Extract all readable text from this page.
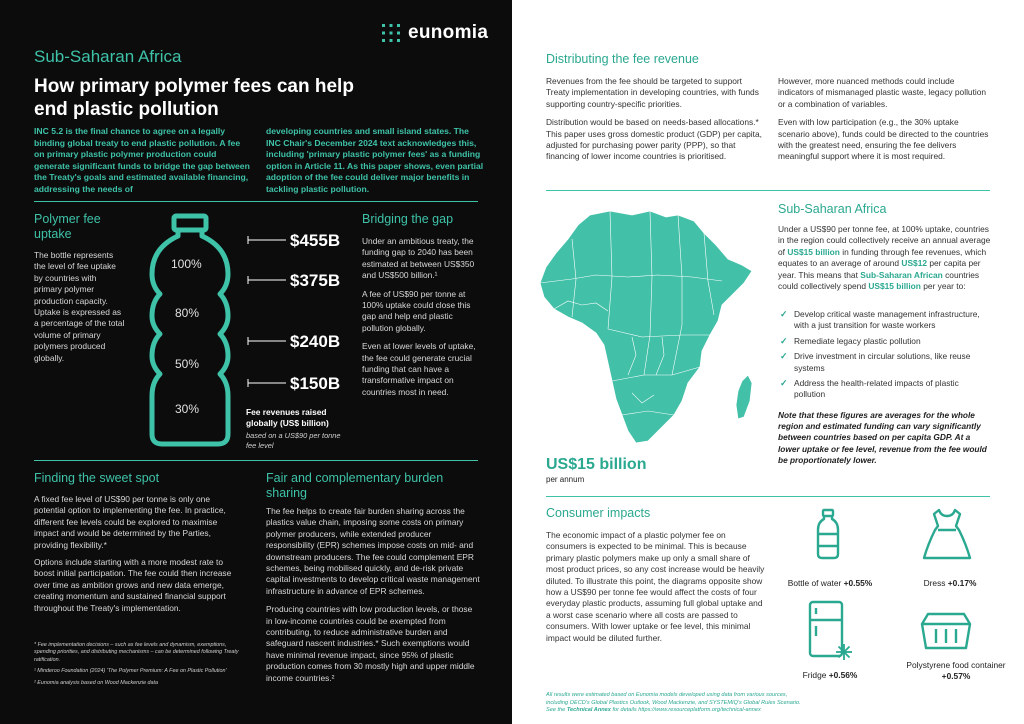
eunomia
Sub-Saharan Africa
How primary polymer fees can help end plastic pollution
INC 5.2 is the final chance to agree on a legally binding global treaty to end plastic pollution. A fee on primary plastic polymer production could generate significant funds to bridge the gap between the Treaty's goals and estimated available financing, addressing the needs of
developing countries and small island states. The INC Chair's December 2024 text acknowledges this, including 'primary plastic polymer fees' as a funding option in Article 11. As this paper shows, even partial adoption of the fee could deliver major benefits in tackling plastic pollution.
Polymer fee uptake
The bottle represents the level of fee uptake by countries with primary polymer production capacity. Uptake is expressed as a percentage of the total volume of primary polymers produced globally.
100%
80%
50%
30%
$455B
$375B
$240B
$150B
Fee revenues raised globally (US$ billion)
based on a US$90 per tonne fee level
Bridging the gap

Under an ambitious treaty, the funding gap to 2040 has been estimated at between US$350 and US$500 billion.¹

A fee of US$90 per tonne at 100% uptake could close this gap and help end plastic pollution globally.

Even at lower levels of uptake, the fee could generate crucial funding that can have a transformative impact on countries most in need.

Finding the sweet spot

A fixed fee level of US$90 per tonne is only one potential option to implementing the fee. In practice, different fee levels could be explored to maximise impact and would be determined by the Parties, providing flexibility.*

Options include starting with a more modest rate to boost initial participation. The fee could then increase over time as ambition grows and new data emerge, creating momentum and sustained financial support throughout the Treaty's implementation.

* Fee implementation decisions – such as fee levels and dynamism, exemptions, spending priorities, and distributing mechanisms – can be determined following Treaty ratification.

¹ Minderoo Foundation (2024) 'The Polymer Premium: A Fee on Plastic Pollution'

² Eunomia analysis based on Wood Mackenzie data

Fair and complementary burden sharing

The fee helps to create fair burden sharing across the plastics value chain, imposing some costs on primary polymer producers, while extended producer responsibility (EPR) schemes impose costs on mid- and downstream producers. The fee could complement EPR schemes, being mobilised quickly, and de-risk private capital investments to develop critical waste management infrastructure in advance of EPR schemes.

Producing countries with low production levels, or those in low-income countries could be exempted from contributing, to reduce administrative burden and safeguard nascent industries.* Such exemptions would have minimal revenue impact, since 95% of plastic production comes from 30 mostly high and upper middle income countries.²

Distributing the fee revenue

Revenues from the fee should be targeted to support Treaty implementation in developing countries, with funds supporting country-specific priorities.

Distribution would be based on needs-based allocations.* This paper uses gross domestic product (GDP) per capita, adjusted for purchasing power parity (PPP), so that financing of lower income countries is prioritised.

However, more nuanced methods could include indicators of mismanaged plastic waste, legacy pollution or a combination of variables.

Even with low participation (e.g., the 30% uptake scenario above), funds could be directed to the countries with the greatest need, ensuring the fee delivers meaningful support where it is most required.

US$15 billion
per annum
Sub-Saharan Africa

Under a US$90 per tonne fee, at 100% uptake, countries in the region could collectively receive an annual average of US$15 billion in funding through fee revenues, which equates to an average of around US$12 per capita per year. This means that Sub-Saharan African countries could collectively spend US$15 billion per year to:

✓ Develop critical waste management infrastructure, with a just transition for waste workers
✓ Remediate legacy plastic pollution
✓ Drive investment in circular solutions, like reuse systems
✓ Address the health-related impacts of plastic pollution

Note that these figures are averages for the whole region and estimated funding can vary significantly between countries based on per capita GDP. At a lower uptake or fee level, revenue from the fee would be proportionately lower.

Consumer impacts

The economic impact of a plastic polymer fee on consumers is expected to be minimal. This is because primary plastic polymers make up only a small share of most product prices, so any cost increase would be heavily diluted. To illustrate this point, the diagrams opposite show how a US$90 per tonne fee would affect the costs of four everyday plastic products, assuming full global uptake and a worst case scenario where all costs are passed to consumers. With lower uptake or fee level, this minimal impact would be diluted further.

Bottle of water +0.55%	Dress +0.17%
Fridge +0.56%
Polystyrene food container +0.57%
All results were estimated based on Eunomia models developed using data from various sources,
including OECD's Global Plastics Outlook, Wood Mackenzie, and SYSTEMIQ's Global Rules Scenario.
See the Technical Annex for details https://www.resourceplatform.org/technical-annex
